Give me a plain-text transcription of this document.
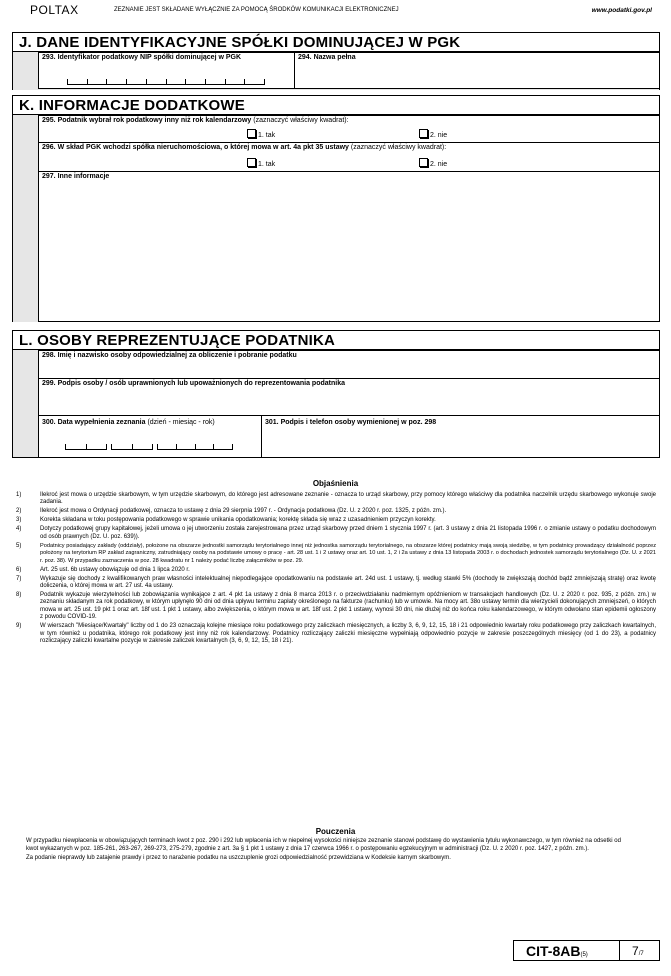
POLTAX	ZEZNANIE JEST SKŁADANE WYŁĄCZNIE ZA POMOCĄ ŚRODKÓW KOMUNIKACJI ELEKTRONICZNEJ	www.podatki.gov.pl
J. DANE IDENTYFIKACYJNE SPÓŁKI DOMINUJĄCEJ W PGK
293. Identyfikator podatkowy NIP spółki dominującej w PGK	294. Nazwa pełna
K. INFORMACJE DODATKOWE
295. Podatnik wybrał rok podatkowy inny niż rok kalendarzowy (zaznaczyć właściwy kwadrat):
1. tak	2. nie
296. W skład PGK wchodzi spółka nieruchomościowa, o której mowa w art. 4a pkt 35 ustawy (zaznaczyć właściwy kwadrat):
1. tak	2. nie
297. Inne informacje
L. OSOBY REPREZENTUJĄCE PODATNIKA
298. Imię i nazwisko osoby odpowiedzialnej za obliczenie i pobranie podatku
299. Podpis osoby / osób uprawnionych lub upoważnionych do reprezentowania podatnika
300. Data wypełnienia zeznania (dzień - miesiąc - rok)	301. Podpis i telefon osoby wymienionej w poz. 298
Objaśnienia
1)	Ilekroć jest mowa o urzędzie skarbowym, w tym urzędzie skarbowym, do którego jest adresowane zeznanie - oznacza to urząd skarbowy, przy pomocy którego właściwy dla podatnika naczelnik urzędu skarbowego wykonuje swoje zadania.
2)	Ilekroć jest mowa o Ordynacji podatkowej, oznacza to ustawę z dnia 29 sierpnia 1997 r. - Ordynacja podatkowa (Dz. U. z 2020 r. poz. 1325, z późn. zm.).
3)	Korekta składana w toku postępowania podatkowego w sprawie unikania opodatkowania; korektę składa się wraz z uzasadnieniem przyczyn korekty.
4)	Dotyczy podatkowej grupy kapitałowej, jeżeli umowa o jej utworzeniu została zarejestrowana przez urząd skarbowy przed dniem 1 stycznia 1997 r. (art. 3 ustawy z dnia 21 listopada 1996 r. o zmianie ustawy o podatku dochodowym od osób prawnych (Dz. U. poz. 639)).
5)	Podatnicy posiadający zakłady (oddziały), położone na obszarze jednostki samorządu terytorialnego innej niż jednostka samorządu terytorialnego, na obszarze której podatnicy mają swoją siedzibę, w tym podatnicy prowadzący działalność poprzez położony na terytorium RP zakład zagraniczny, zatrudniający osoby na podstawie umowy o pracę - art. 28 ust. 1 i 2 ustawy oraz art. 10 ust. 1, 2 i 2a ustawy z dnia 13 listopada 2003 r. o dochodach jednostek samorządu terytorialnego (Dz. U. z 2021 r. poz. 38). W przypadku zaznaczenia w poz. 28 kwadratu nr 1 należy podać liczbę załączników w poz. 29.
6)	Art. 25 ust. 6b ustawy obowiązuje od dnia 1 lipca 2020 r.
7)	Wykazuje się dochody z kwalifikowanych praw własności intelektualnej niepodlegające opodatkowaniu na podstawie art. 24d ust. 1 ustawy, tj. według stawki 5% (dochody te zwiększają dochód bądź zmniejszają stratę) oraz kwotę doliczenia, o której mowa w art. 27 ust. 4a ustawy.
8)	Podatnik wykazuje wierzytelności lub zobowiązania wynikające z art. 4 pkt 1a ustawy z dnia 8 marca 2013 r. o przeciwdziałaniu nadmiernym opóźnieniom w transakcjach handlowych (Dz. U. z 2020 r. poz. 935, z późn. zm.) w zeznaniu składanym za rok podatkowy, w którym upłynęło 90 dni od dnia upływu terminu zapłaty określonego na fakturze (rachunku) lub w umowie. Na mocy art. 38o ustawy termin dla wierzycieli dokonujących zmniejszeń, o których mowa w art. 25 ust. 19 pkt 1 oraz art. 18f ust. 1 pkt 1 ustawy, albo zwiększenia, o którym mowa w art. 18f ust. 2 pkt 1 ustawy, wynosi 30 dni, nie dłużej niż do końca roku kalendarzowego, w którym odwołano stan epidemii ogłoszony z powodu COVID-19.
9)	W wierszach "Miesiące/Kwartały" liczby od 1 do 23 oznaczają kolejne miesiące roku podatkowego przy zaliczkach miesięcznych, a liczby 3, 6, 9, 12, 15, 18 i 21 odpowiednio kwartały roku podatkowego przy zaliczkach kwartalnych, w tym również u podatnika, którego rok podatkowy jest inny niż rok kalendarzowy. Podatnicy rozliczający zaliczki miesięczne wypełniają odpowiednio pozycje w zakresie poszczególnych miesięcy (od 1 do 23), a podatnicy rozliczający zaliczki kwartalne pozycje w zakresie zaliczek kwartalnych (3, 6, 9, 12, 15, 18 i 21).
Pouczenia

W przypadku niewpłacenia w obowiązujących terminach kwot z poz. 290 i 292 lub wpłacenia ich w niepełnej wysokości niniejsze zeznanie stanowi podstawę do wystawienia tytułu wykonawczego, w tym również na odsetki od kwot wykazanych w poz. 185-261, 263-267, 269-273, 275-279, zgodnie z art. 3a § 1 pkt 1 ustawy z dnia 17 czerwca 1966 r. o postępowaniu egzekucyjnym w administracji (Dz. U. z 2020 r. poz. 1427, z późn. zm.).

Za podanie nieprawdy lub zatajenie prawdy i przez to narażenie podatku na uszczuplenie grozi odpowiedzialność przewidziana w Kodeksie karnym skarbowym.

CIT-8AB(5)	7/7
